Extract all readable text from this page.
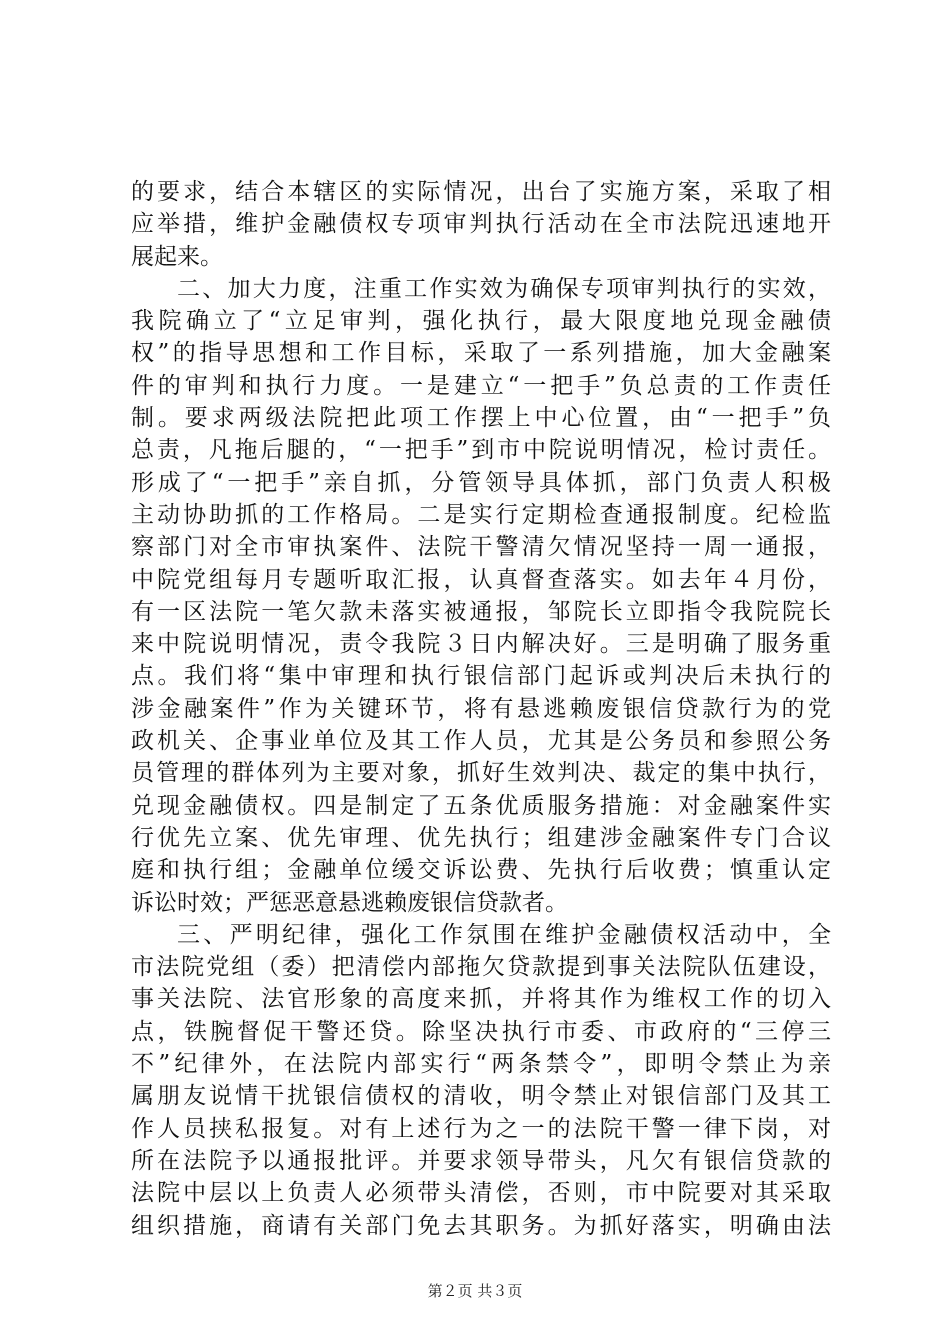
的要求，结合本辖区的实际情况，出台了实施方案，采取了相
应举措，维护金融债权专项审判执行活动在全市法院迅速地开
展起来。
二、加大力度，注重工作实效为确保专项审判执行的实效，
我院确立了“立足审判，强化执行，最大限度地兑现金融债
权”的指导思想和工作目标，采取了一系列措施，加大金融案
件的审判和执行力度。一是建立“一把手”负总责的工作责任
制。要求两级法院把此项工作摆上中心位置，由“一把手”负
总责，凡拖后腿的，“一把手”到市中院说明情况，检讨责任。
形成了“一把手”亲自抓，分管领导具体抓，部门负责人积极
主动协助抓的工作格局。二是实行定期检查通报制度。纪检监
察部门对全市审执案件、法院干警清欠情况坚持一周一通报，
中院党组每月专题听取汇报，认真督查落实。如去年４月份，
有一区法院一笔欠款未落实被通报，邹院长立即指令我院院长
来中院说明情况，责令我院３日内解决好。三是明确了服务重
点。我们将“集中审理和执行银信部门起诉或判决后未执行的
涉金融案件”作为关键环节，将有悬逃赖废银信贷款行为的党
政机关、企事业单位及其工作人员，尤其是公务员和参照公务
员管理的群体列为主要对象，抓好生效判决、裁定的集中执行，
兑现金融债权。四是制定了五条优质服务措施：对金融案件实
行优先立案、优先审理、优先执行；组建涉金融案件专门合议
庭和执行组；金融单位缓交诉讼费、先执行后收费；慎重认定
诉讼时效；严惩恶意悬逃赖废银信贷款者。
三、严明纪律，强化工作氛围在维护金融债权活动中，全
市法院党组（委）把清偿内部拖欠贷款提到事关法院队伍建设，
事关法院、法官形象的高度来抓，并将其作为维权工作的切入
点，铁腕督促干警还贷。除坚决执行市委、市政府的“三停三
不”纪律外，在法院内部实行“两条禁令”，即明令禁止为亲
属朋友说情干扰银信债权的清收，明令禁止对银信部门及其工
作人员挟私报复。对有上述行为之一的法院干警一律下岗，对
所在法院予以通报批评。并要求领导带头，凡欠有银信贷款的
法院中层以上负责人必须带头清偿，否则，市中院要对其采取
组织措施，商请有关部门免去其职务。为抓好落实，明确由法
第２页 共３页
